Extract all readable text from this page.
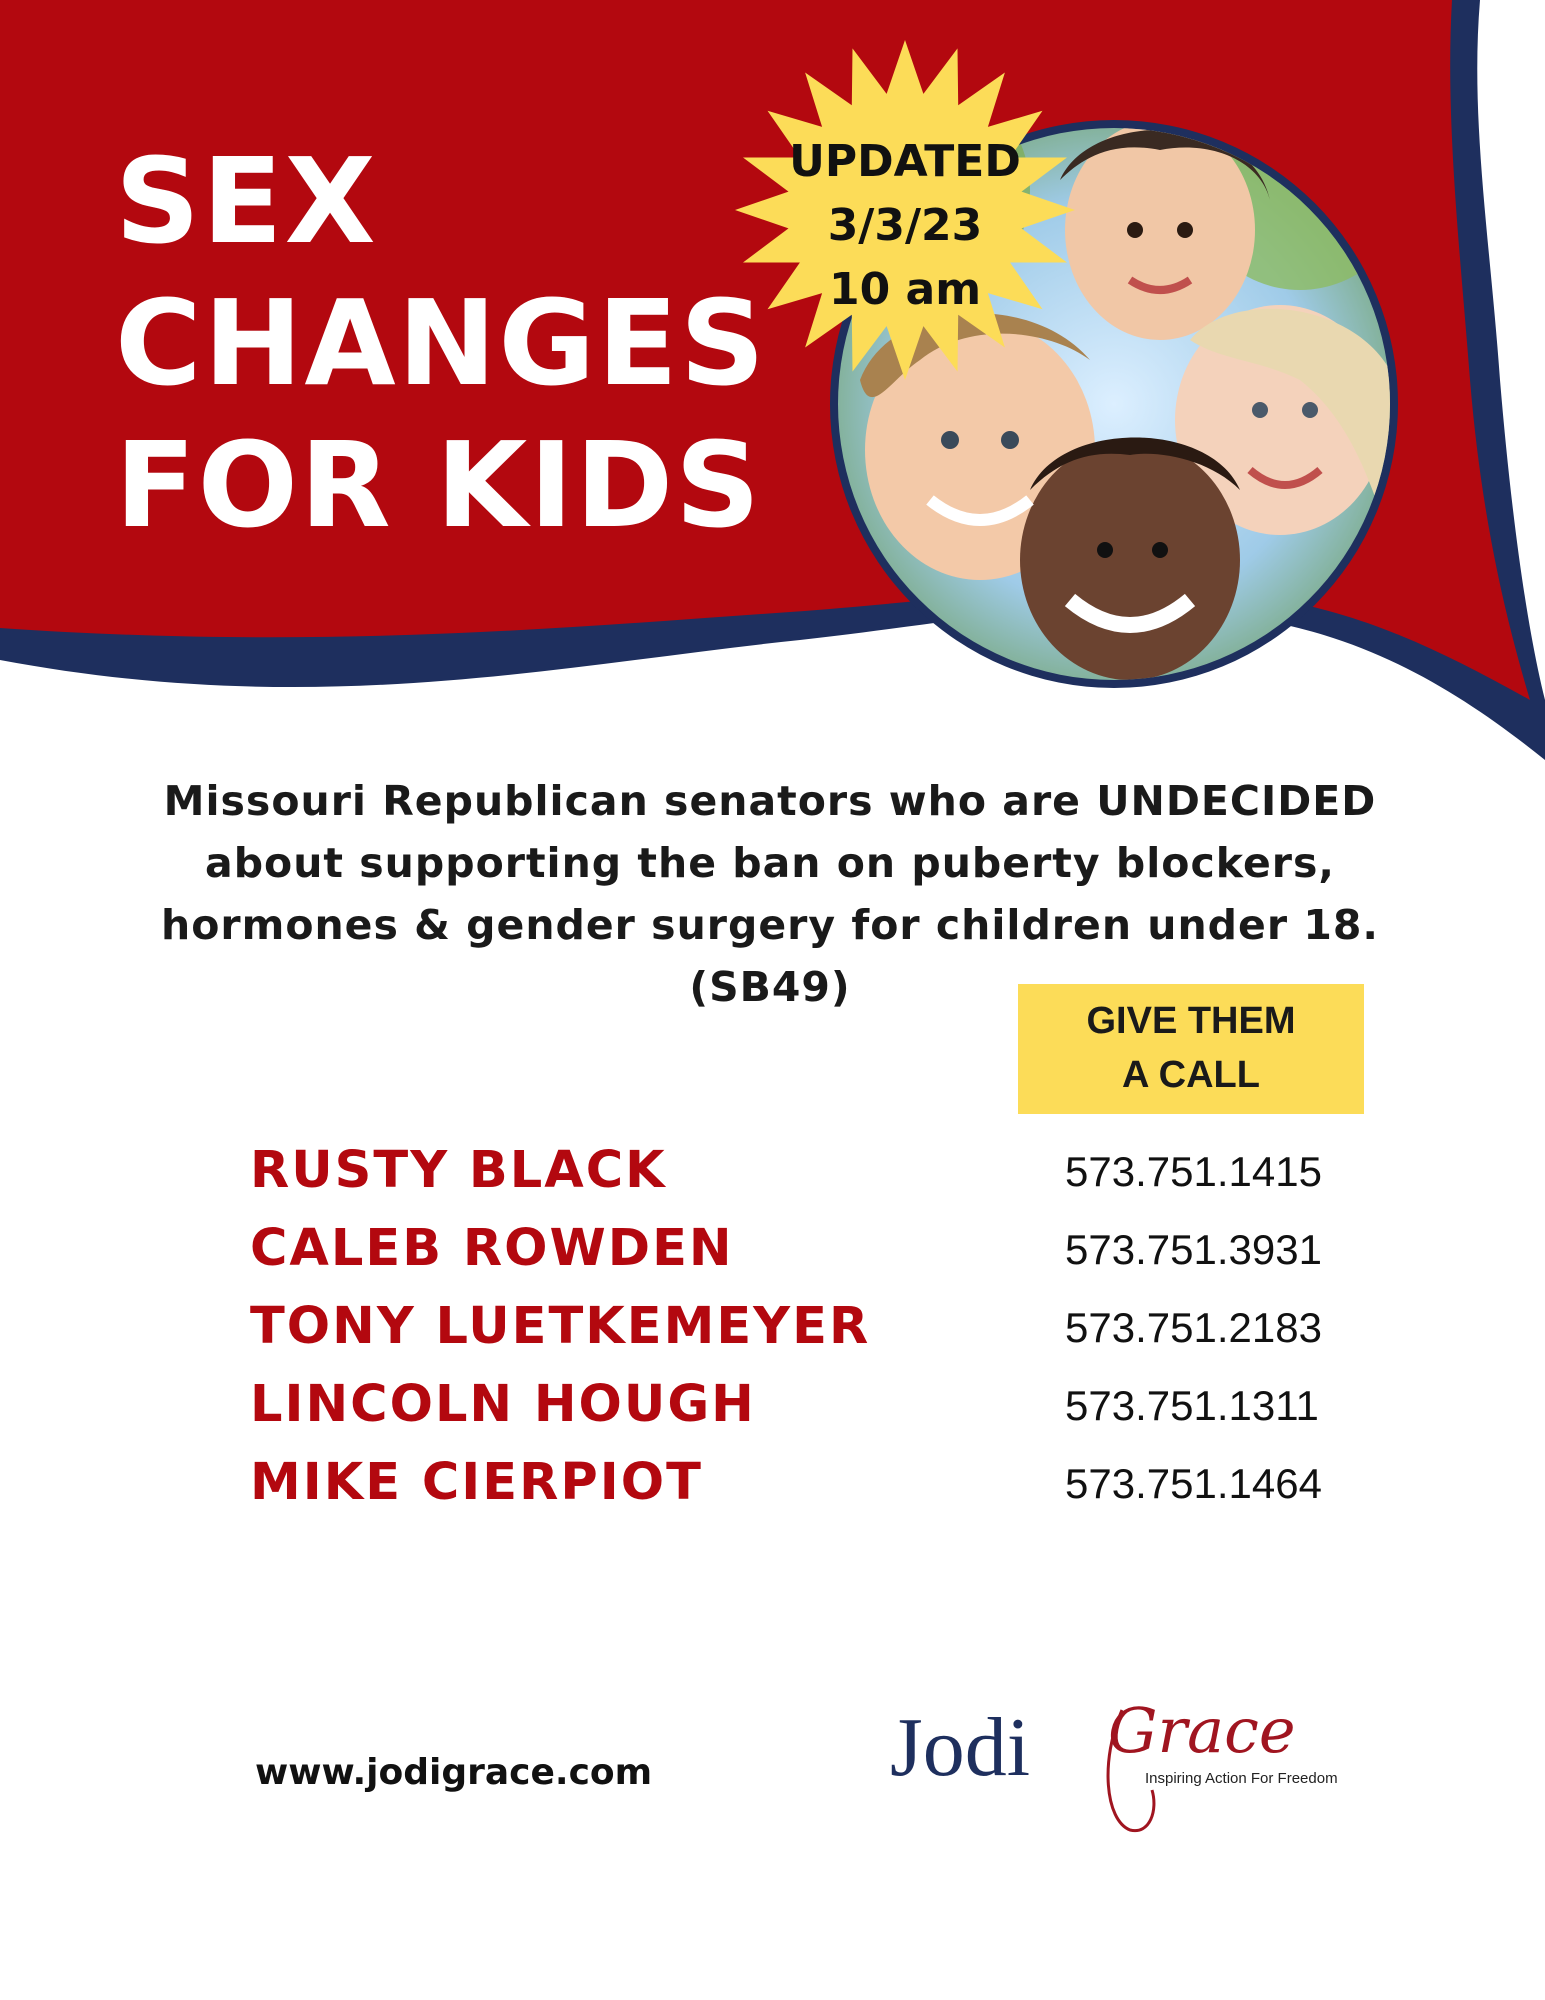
SEX
CHANGES
FOR KIDS
UPDATED
3/3/23
10 am

Missouri Republican senators who are UNDECIDED about supporting the ban on puberty blockers, hormones & gender surgery for children under 18. (SB49)

GIVE THEM
A CALL
RUSTY BLACK	573.751.1415
CALEB ROWDEN	573.751.3931
TONY LUETKEMEYER	573.751.2183
LINCOLN HOUGH	573.751.1311
MIKE CIERPIOT	573.751.1464
www.jodigrace.com	Jodi Grace
Inspiring Action For Freedom
